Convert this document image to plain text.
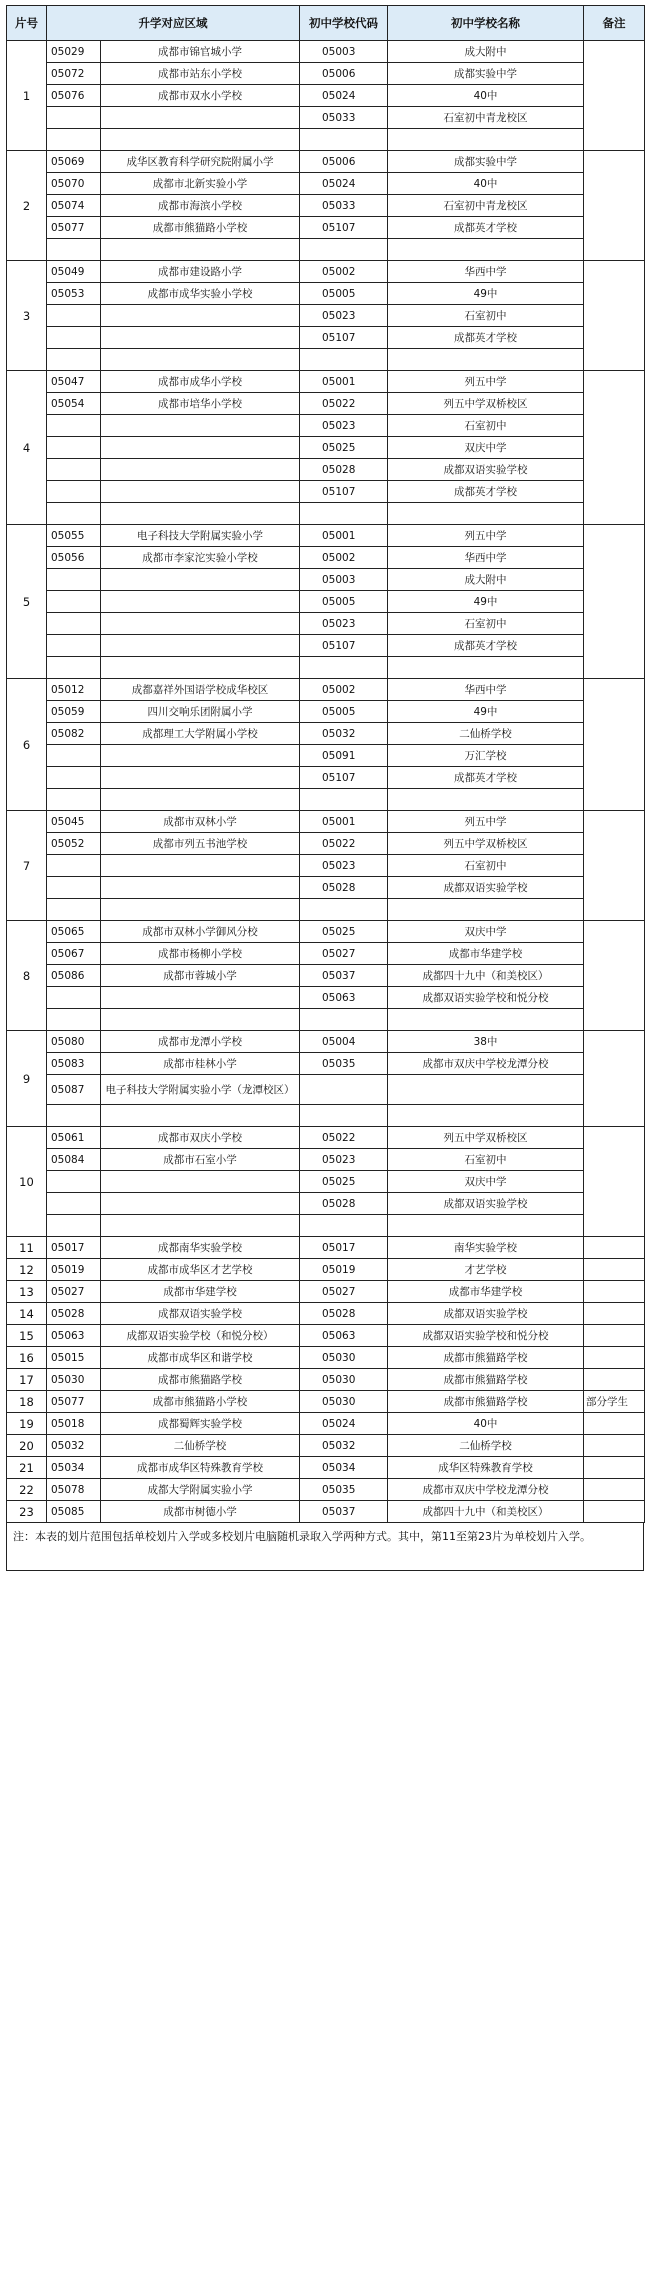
片号	升学对应区域		初中学校代码	初中学校名称	备注
1	05029	成都市锦官城小学	05003	成大附中	
	05072	成都市站东小学校	05006	成都实验中学	
	05076	成都市双水小学校	05024	40中	
			05033	石室初中青龙校区	

2	05069	成华区教育科学研究院附属小学	05006	成都实验中学	
	05070	成都市北新实验小学	05024	40中	
	05074	成都市海滨小学校	05033	石室初中青龙校区	
	05077	成都市熊猫路小学校	05107	成都英才学校	

3	05049	成都市建设路小学	05002	华西中学	
	05053	成都市成华实验小学校	05005	49中	
			05023	石室初中	
			05107	成都英才学校	

4	05047	成都市成华小学校	05001	列五中学	
	05054	成都市培华小学校	05022	列五中学双桥校区	
			05023	石室初中	
			05025	双庆中学	
			05028	成都双语实验学校	
			05107	成都英才学校	

5	05055	电子科技大学附属实验小学	05001	列五中学	
	05056	成都市李家沱实验小学校	05002	华西中学	
			05003	成大附中	
			05005	49中	
			05023	石室初中	
			05107	成都英才学校	

6	05012	成都嘉祥外国语学校成华校区	05002	华西中学	
	05059	四川交响乐团附属小学	05005	49中	
	05082	成都理工大学附属小学校	05032	二仙桥学校	
			05091	万汇学校	
			05107	成都英才学校	

7	05045	成都市双林小学	05001	列五中学	
	05052	成都市列五书池学校	05022	列五中学双桥校区	
			05023	石室初中	
			05028	成都双语实验学校	

8	05065	成都市双林小学御风分校	05025	双庆中学	
	05067	成都市杨柳小学校	05027	成都市华建学校	
	05086	成都市蓉城小学	05037	成都四十九中（和美校区）	
			05063	成都双语实验学校和悦分校	

9	05080	成都市龙潭小学校	05004	38中	
	05083	成都市桂林小学	05035	成都市双庆中学校龙潭分校	
	05087	电子科技大学附属实验小学（龙潭校区）			

10	05061	成都市双庆小学校	05022	列五中学双桥校区	
	05084	成都市石室小学	05023	石室初中	
			05025	双庆中学	
			05028	成都双语实验学校	

11	05017	成都南华实验学校	05017	南华实验学校	
12	05019	成都市成华区才艺学校	05019	才艺学校	
13	05027	成都市华建学校	05027	成都市华建学校	
14	05028	成都双语实验学校	05028	成都双语实验学校	
15	05063	成都双语实验学校（和悦分校）	05063	成都双语实验学校和悦分校	
16	05015	成都市成华区和谐学校	05030	成都市熊猫路学校	
17	05030	成都市熊猫路学校	05030	成都市熊猫路学校	
18	05077	成都市熊猫路小学校	05030	成都市熊猫路学校	部分学生
19	05018	成都蜀辉实验学校	05024	40中	
20	05032	二仙桥学校	05032	二仙桥学校	
21	05034	成都市成华区特殊教育学校	05034	成华区特殊教育学校	
22	05078	成都大学附属实验小学	05035	成都市双庆中学校龙潭分校	
23	05085	成都市树德小学	05037	成都四十九中（和美校区）	
注：本表的划片范围包括单校划片入学或多校划片电脑随机录取入学两种方式。其中，第11至第23片为单校划片入学。
